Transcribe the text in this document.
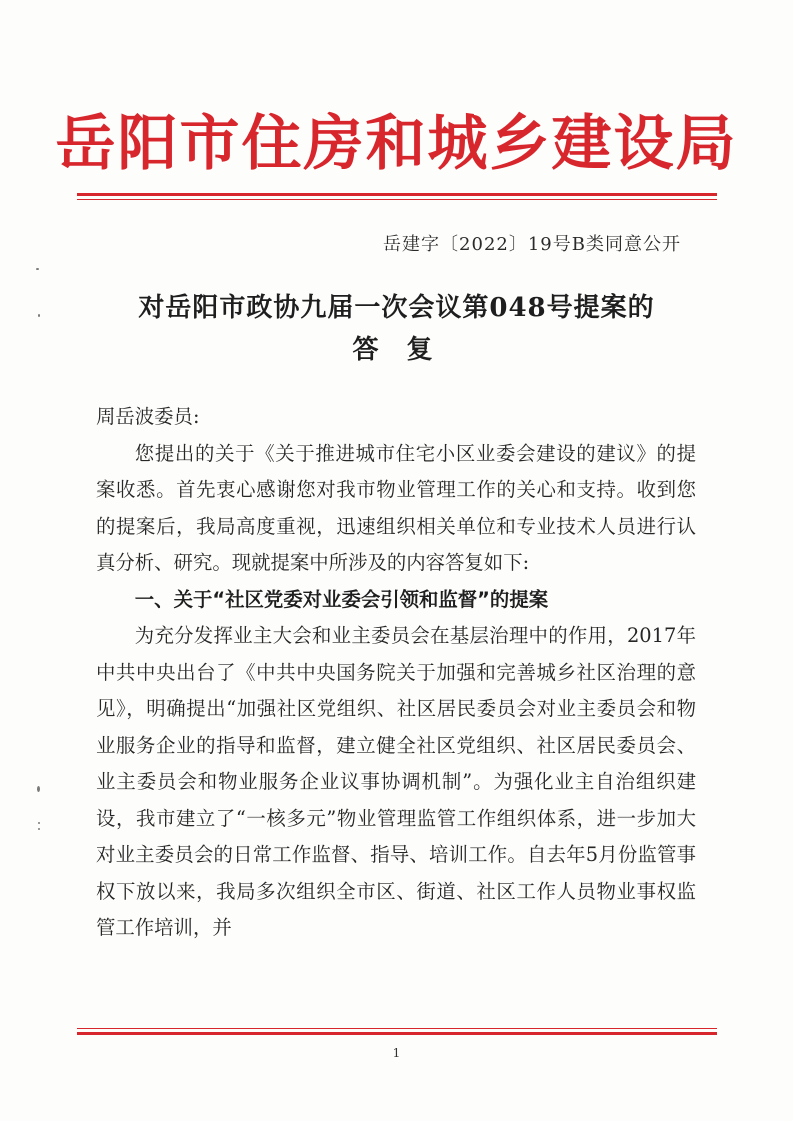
岳阳市住房和城乡建设局
岳建字〔2022〕19号B类同意公开
对岳阳市政协九届一次会议第048号提案的
答复

周岳波委员:

您提出的关于《关于推进城市住宅小区业委会建设的建议》的提案收悉。首先衷心感谢您对我市物业管理工作的关心和支持。收到您的提案后，我局高度重视，迅速组织相关单位和专业技术人员进行认真分析、研究。现就提案中所涉及的内容答复如下:

一、关于“社区党委对业委会引领和监督”的提案

为充分发挥业主大会和业主委员会在基层治理中的作用，2017年中共中央出台了《中共中央国务院关于加强和完善城乡社区治理的意见》，明确提出“加强社区党组织、社区居民委员会对业主委员会和物业服务企业的指导和监督，建立健全社区党组织、社区居民委员会、业主委员会和物业服务企业议事协调机制”。为强化业主自治组织建设，我市建立了“一核多元”物业管理监管工作组织体系，进一步加大对业主委员会的日常工作监督、指导、培训工作。自去年5月份监管事权下放以来，我局多次组织全市区、街道、社区工作人员物业事权监管工作培训，并

1
